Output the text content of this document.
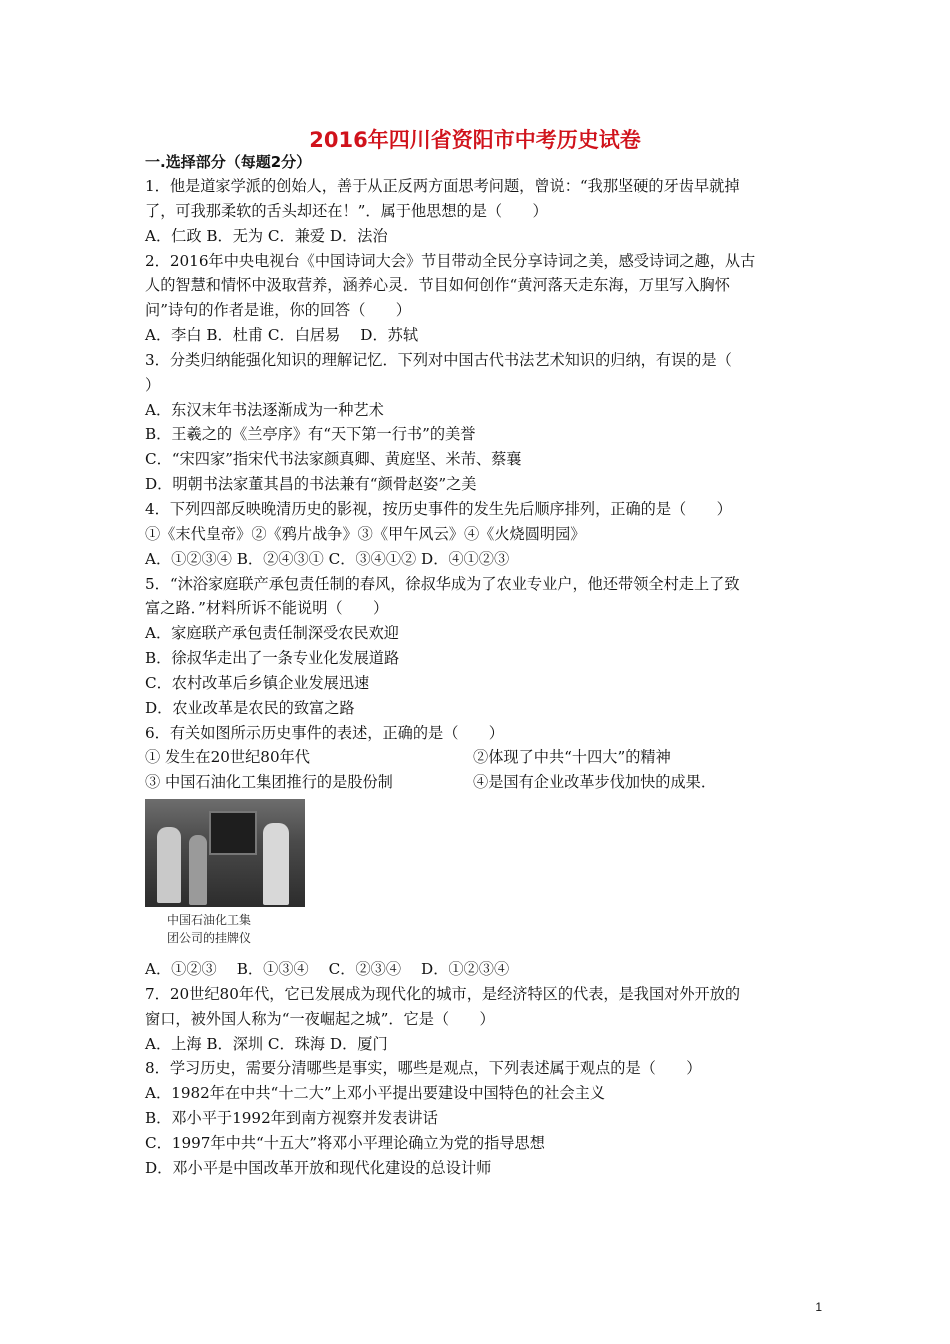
2016年四川省资阳市中考历史试卷
一.选择部分（每题2分）
1．他是道家学派的创始人，善于从正反两方面思考问题，曾说：“我那坚硬的牙齿早就掉
了，可我那柔软的舌头却还在！”．属于他思想的是（　　）
A．仁政 B．无为 C．兼爱 D．法治
2．2016年中央电视台《中国诗词大会》节目带动全民分享诗词之美，感受诗词之趣，从古
人的智慧和情怀中汲取营养，涵养心灵．节目如何创作“黄河落天走东海，万里写入胸怀
问”诗句的作者是谁，你的回答（　　）
A．李白 B．杜甫 C．白居易　 D．苏轼
3．分类归纳能强化知识的理解记忆．下列对中国古代书法艺术知识的归纳，有误的是（
）
A．东汉末年书法逐渐成为一种艺术
B．王羲之的《兰亭序》有“天下第一行书”的美誉
C．“宋四家”指宋代书法家颜真卿、黄庭坚、米芾、蔡襄
D．明朝书法家董其昌的书法兼有“颜骨赵姿”之美
4．下列四部反映晚清历史的影视，按历史事件的发生先后顺序排列，正确的是（　　）
①《末代皇帝》②《鸦片战争》③《甲午风云》④《火烧圆明园》
A．①②③④ B．②④③① C．③④①② D．④①②③
5．“沐浴家庭联产承包责任制的春风，徐叔华成为了农业专业户，他还带领全村走上了致
富之路．”材料所诉不能说明（　　）
A．家庭联产承包责任制深受农民欢迎
B．徐叔华走出了一条专业化发展道路
C．农村改革后乡镇企业发展迅速
D．农业改革是农民的致富之路
6．有关如图所示历史事件的表述，正确的是（　　）
① 发生在20世纪80年代	②体现了中共“十四大”的精神
③ 中国石油化工集团推行的是股份制	④是国有企业改革步伐加快的成果．
中国石油化工集
团公司的挂牌仪
A．①②③　 B．①③④　 C．②③④　 D．①②③④
7．20世纪80年代，它已发展成为现代化的城市，是经济特区的代表，是我国对外开放的
窗口，被外国人称为“一夜崛起之城”．它是（　　）
A．上海 B．深圳 C．珠海 D．厦门
8．学习历史，需要分清哪些是事实，哪些是观点，下列表述属于观点的是（　　）
A．1982年在中共“十二大”上邓小平提出要建设中国特色的社会主义
B．邓小平于1992年到南方视察并发表讲话
C．1997年中共“十五大”将邓小平理论确立为党的指导思想
D．邓小平是中国改革开放和现代化建设的总设计师
1
